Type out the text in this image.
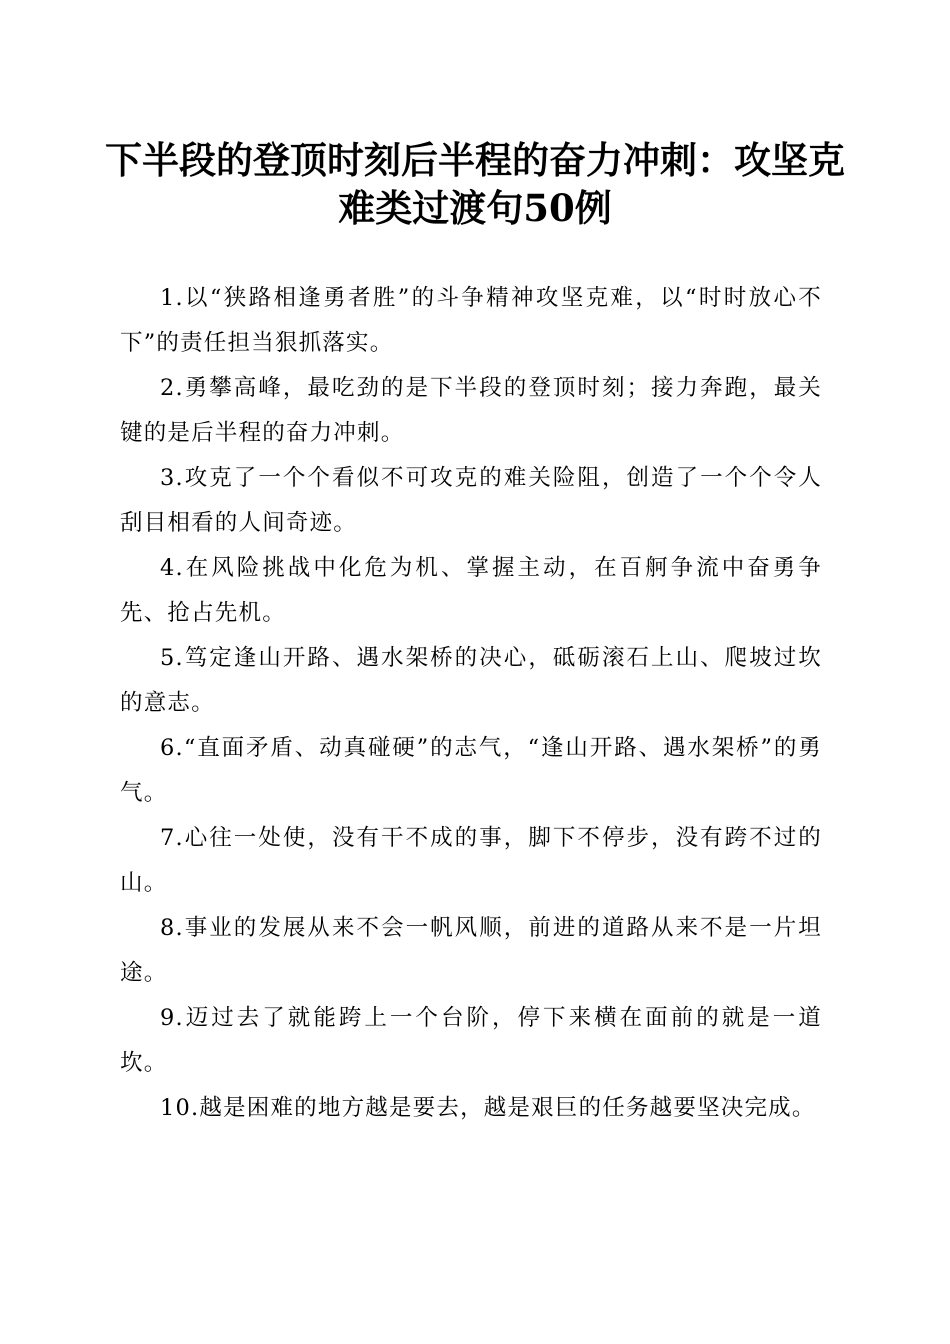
下半段的登顶时刻后半程的奋力冲刺：攻坚克
难类过渡句50例
1.以“狭路相逢勇者胜”的斗争精神攻坚克难，以“时时放心不下”的责任担当狠抓落实。
2.勇攀高峰，最吃劲的是下半段的登顶时刻；接力奔跑，最关键的是后半程的奋力冲刺。
3.攻克了一个个看似不可攻克的难关险阻，创造了一个个令人刮目相看的人间奇迹。
4.在风险挑战中化危为机、掌握主动，在百舸争流中奋勇争先、抢占先机。
5.笃定逢山开路、遇水架桥的决心，砥砺滚石上山、爬坡过坎的意志。
6.“直面矛盾、动真碰硬”的志气，“逢山开路、遇水架桥”的勇气。
7.心往一处使，没有干不成的事，脚下不停步，没有跨不过的山。
8.事业的发展从来不会一帆风顺，前进的道路从来不是一片坦途。
9.迈过去了就能跨上一个台阶，停下来横在面前的就是一道坎。
10.越是困难的地方越是要去，越是艰巨的任务越要坚决完成。
